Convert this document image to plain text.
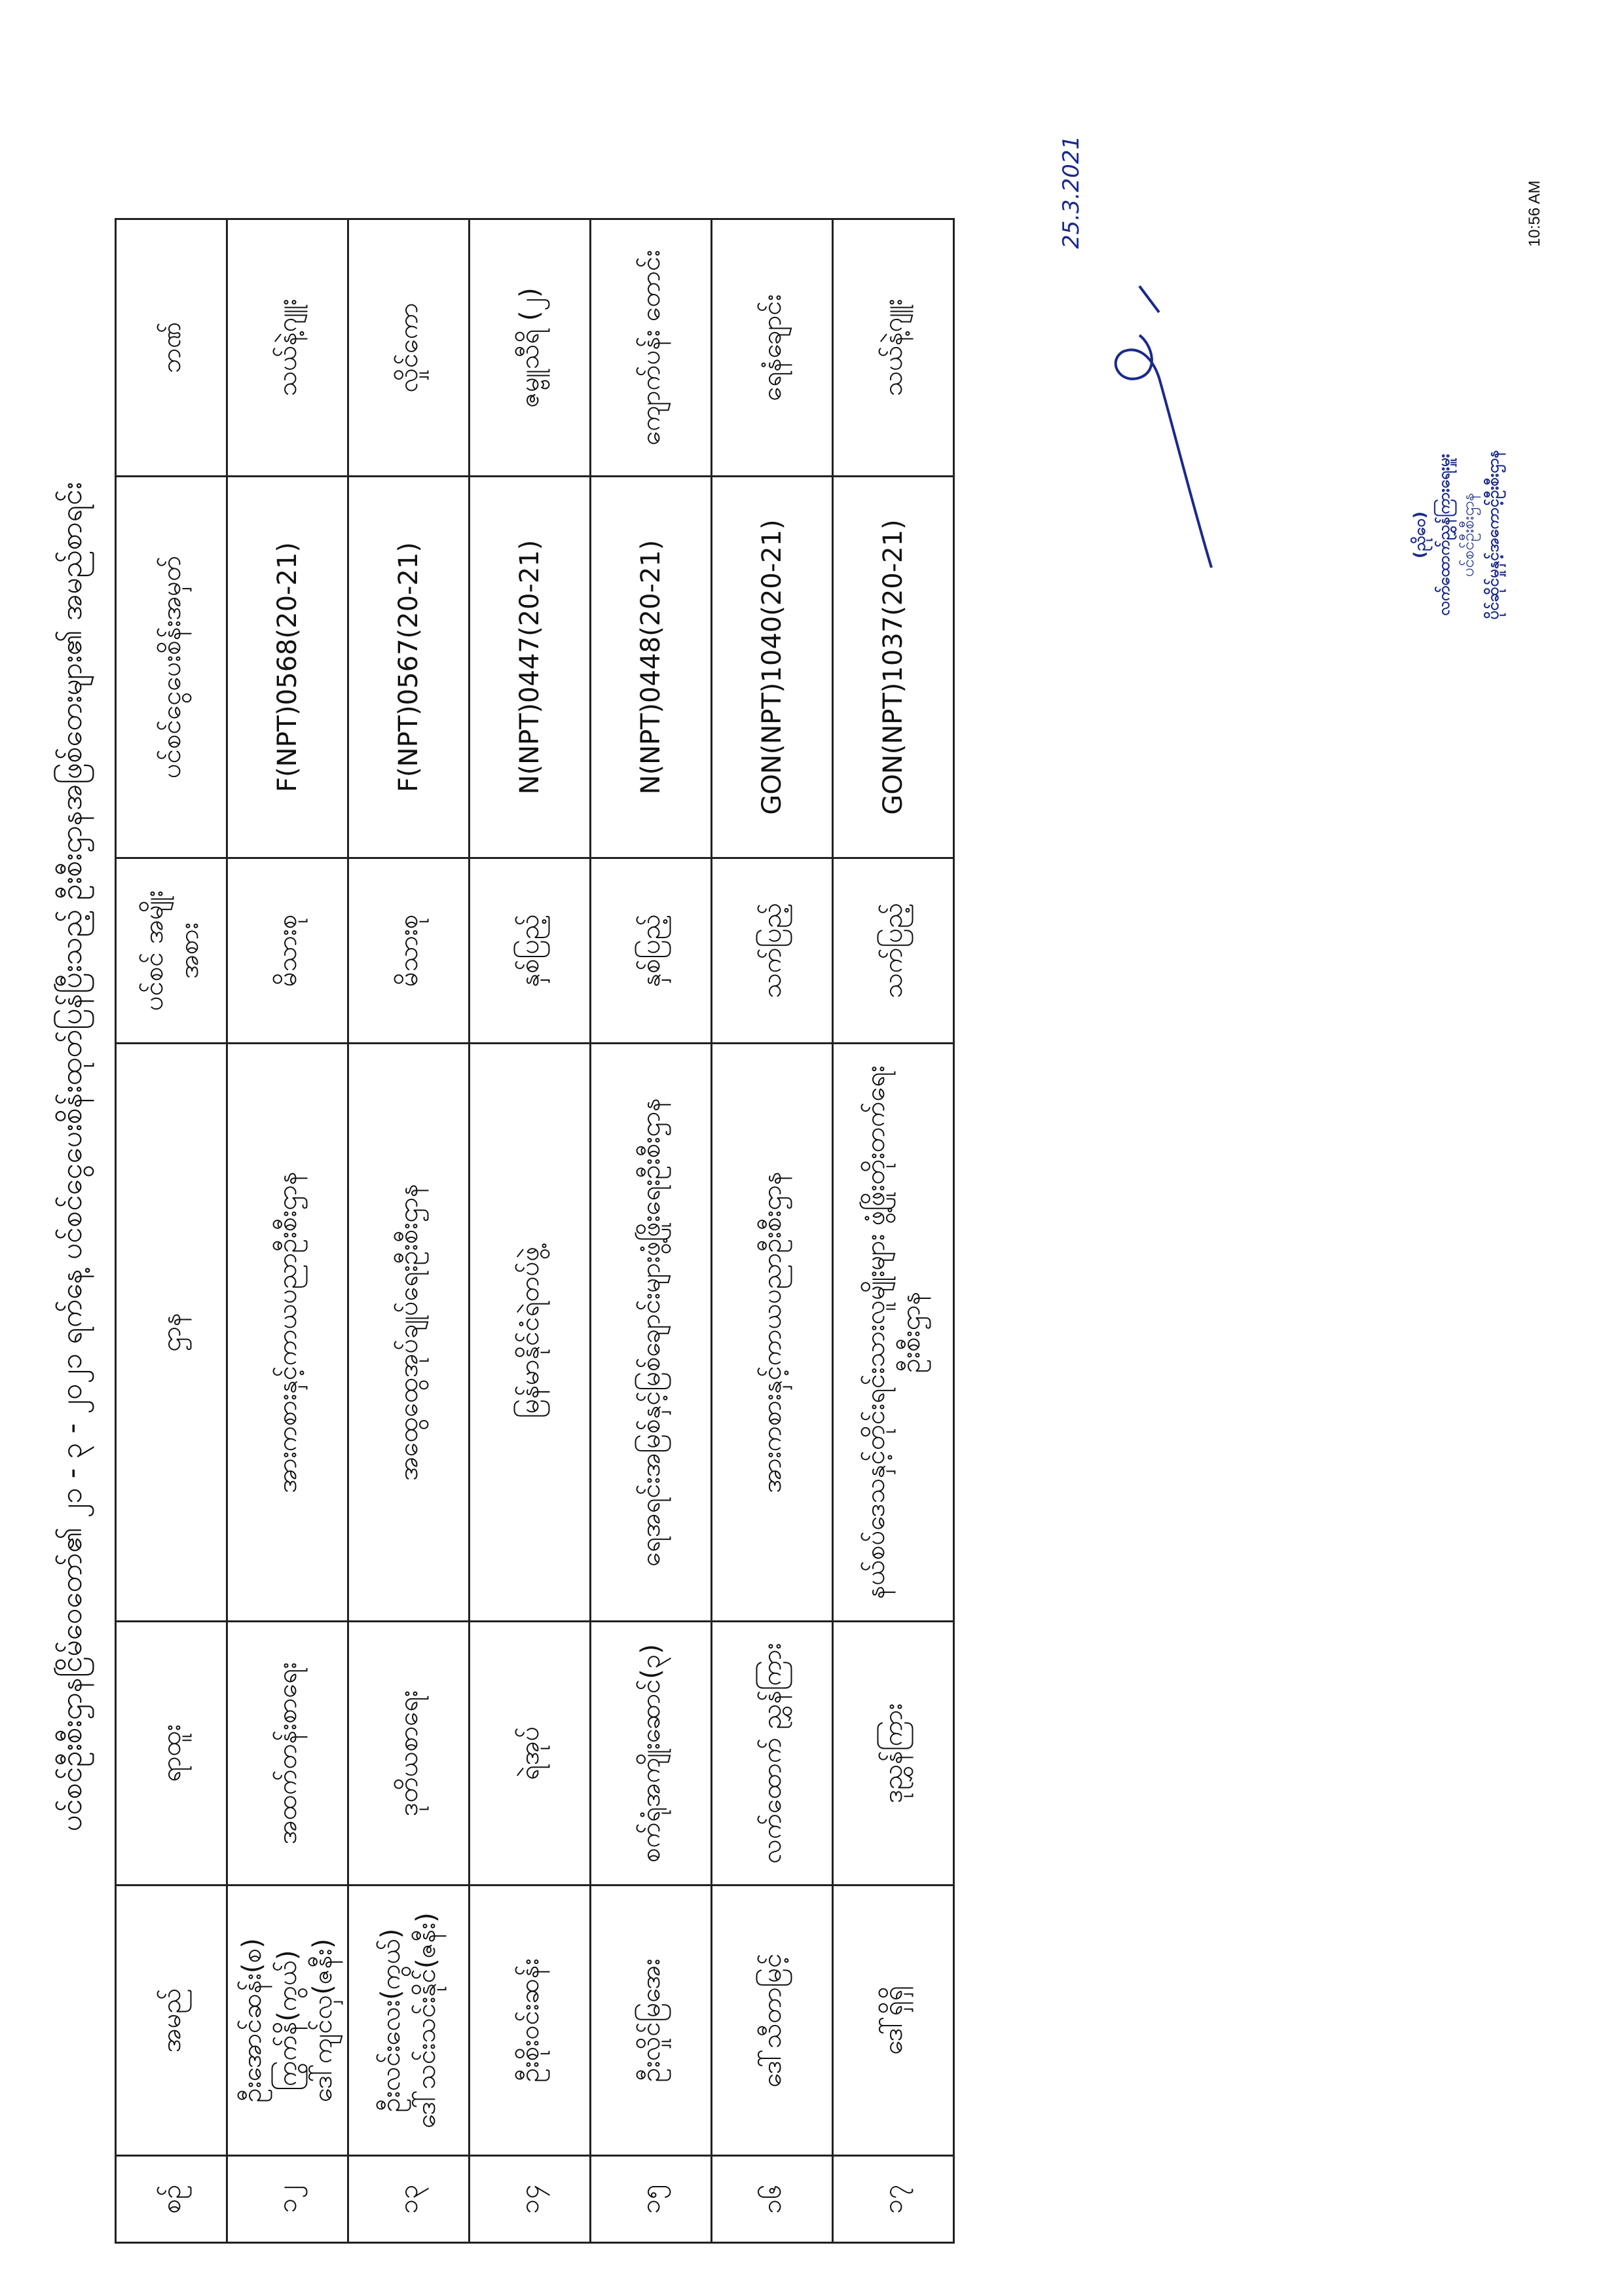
ပင်စင်ဦးစီးဌာနငြိမ်ဝေတော်၏ ၂၁ - ၃ - ၂၀၂၁ ရက်နေ့ ပင်စင်ငွေပေးစိန်းထုတ်ပြန်ပြီးသည့် ဦးစီးဌာနအဖြစ်တေးများ၏ အမည်စာရင်း
စဉ်	အမည်	ရာထူး	ဌာန	ပင်စင် အမျိုးအစား	ပင်စင်ငွေပေးစိန်းအမှတ်	ဘဏ်
၁၂	ဦးအောင်ဆန်း(စ) ကြွက်နိ(ကွယ်) ဒေါ်ကျင်လှ(ဇနီး)	အထက်တန်းစာရေး	အားကစားနှင့်ကာယပညာဦးစီးဌာန	မိသားစု	F(NPT)0568(20-21)	သယ်နဲ့ဂျူး
၁၃	ဦးလင်းလေး(ကွယ်) ဒေါ်သင်းသင်းနိုင်(ဇနီး)	ဒုတိယစာရေး	အထွေထွေအုပ်ချုပ်ရေးဦးစီးဌာန	မိသားစု	F(NPT)0567(20-21)	လှိုင်ကော
၁၄	ဦးစိုးဝင်းဆန်း	ရဲအုပ်	မြန်မာနိုင်ငံရဲတပ်ဖွဲ့	နှစ်ပြည့်	N(NPT)0447(20-21)	ဇမ္ဗူသီရိ (၂)
၁၅	ဦးလှိုင်မြအေး	စက်ရုံအကျိုးဆောင်(၃)	ရေအရင်းအမြစ်နှင့်မြစ်ချောင်းများဖွံ့ဖြိုးရေးဦးစီးဌာန	နှစ်ပြည့်	N(NPT)0448(20-21)	ကျောက်ပန်း တောင်း
၁၆	ဒေါ်သီတာမြင့်	လက်ထောက် ညွှန်ကြား	အားကစားနှင့်ကာယပညာဦးစီးဌာန	သက်ပြည့်	GON(NPT)1040(20-21)	ရေနံချောင်း
၁၇	ဒေါ်ရှိရှိ	ဒုညွှန်ကြား	နယ်စပ်ဒေသနှင့်တိုင်းရင်းသားလူမျိုးများ ဖွံ့ဖြိုးတိုးတက်ရေးဦးစီးဌာန	သက်ပြည့်	GON(NPT)1037(20-21)	သယ်နဲ့ဂျူး
25.3.2021
(ညိုဝေ) လက်ထောက်ညွှန်ကြားရေးမှူး ပင်စင်ဦးစီးဌာန ပိုင်ဆိုင်မှုနှင့်အကောင့်ဦးစီးဌာန
10:56 AM
